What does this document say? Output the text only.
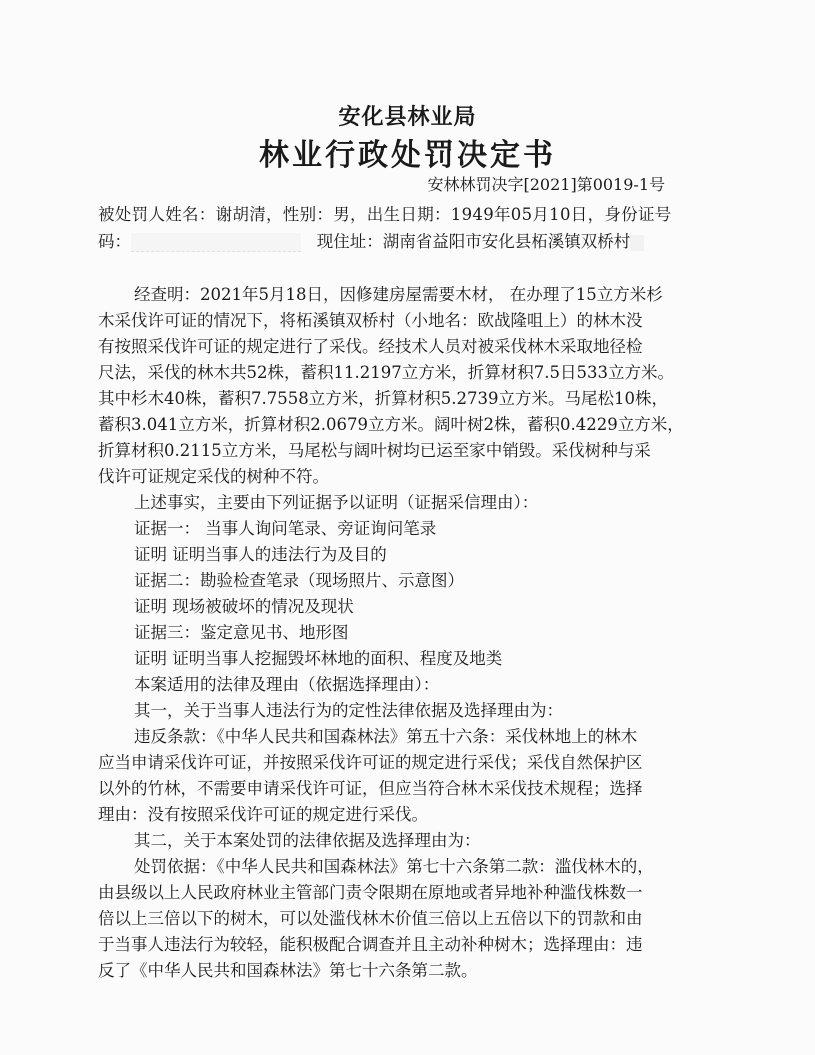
安化县林业局
林业行政处罚决定书
安林林罚决字[2021]第0019-1号
被处罚人姓名：谢胡清，性别：男，出生日期：1949年05月10日，身份证号
码：	现住址：湖南省益阳市安化县柘溪镇双桥村
经查明：2021年5月18日，因修建房屋需要木材， 在办理了15立方米杉
木采伐许可证的情况下，将柘溪镇双桥村（小地名：欧战隆咀上）的林木没
有按照采伐许可证的规定进行了采伐。经技术人员对被采伐林木采取地径检
尺法，采伐的林木共52株，蓄积11.2197立方米，折算材积7.5日533立方米。
其中杉木40株，蓄积7.7558立方米，折算材积5.2739立方米。马尾松10株，
蓄积3.041立方米，折算材积2.0679立方米。阔叶树2株，蓄积0.4229立方米，
折算材积0.2115立方米，马尾松与阔叶树均已运至家中销毁。采伐树种与采
伐许可证规定采伐的树种不符。
上述事实，主要由下列证据予以证明（证据采信理由）：
证据一： 当事人询问笔录、旁证询问笔录
证明 证明当事人的违法行为及目的
证据二：勘验检查笔录（现场照片、示意图）
证明 现场被破坏的情况及现状
证据三：鉴定意见书、地形图
证明 证明当事人挖掘毁坏林地的面积、程度及地类
本案适用的法律及理由（依据选择理由）：
其一，关于当事人违法行为的定性法律依据及选择理由为：
违反条款：《中华人民共和国森林法》第五十六条：采伐林地上的林木
应当申请采伐许可证，并按照采伐许可证的规定进行采伐；采伐自然保护区
以外的竹林，不需要申请采伐许可证，但应当符合林木采伐技术规程；选择
理由：没有按照采伐许可证的规定进行采伐。
其二，关于本案处罚的法律依据及选择理由为：
处罚依据：《中华人民共和国森林法》第七十六条第二款：滥伐林木的，
由县级以上人民政府林业主管部门责令限期在原地或者异地补种滥伐株数一
倍以上三倍以下的树木，可以处滥伐林木价值三倍以上五倍以下的罚款和由
于当事人违法行为较轻，能积极配合调查并且主动补种树木；选择理由：违
反了《中华人民共和国森林法》第七十六条第二款。
